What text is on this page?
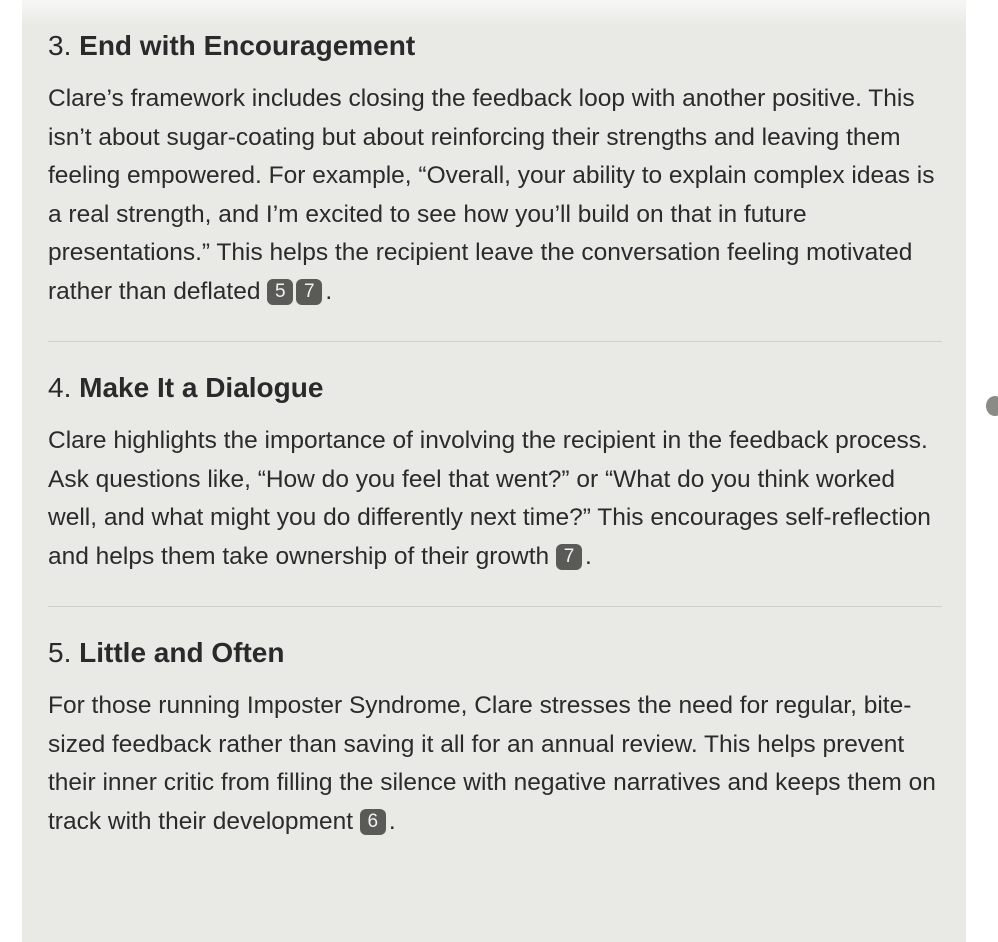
3. End with Encouragement

Clare’s framework includes closing the feedback loop with another positive. This isn’t about sugar-coating but about reinforcing their strengths and leaving them feeling empowered. For example, “Overall, your ability to explain complex ideas is a real strength, and I’m excited to see how you’ll build on that in future presentations.” This helps the recipient leave the conversation feeling motivated rather than deflated 5 7 .

4. Make It a Dialogue

Clare highlights the importance of involving the recipient in the feedback process. Ask questions like, “How do you feel that went?” or “What do you think worked well, and what might you do differently next time?” This encourages self-reflection and helps them take ownership of their growth 7 .

5. Little and Often

For those running Imposter Syndrome, Clare stresses the need for regular, bite-sized feedback rather than saving it all for an annual review. This helps prevent their inner critic from filling the silence with negative narratives and keeps them on track with their development 6 .
